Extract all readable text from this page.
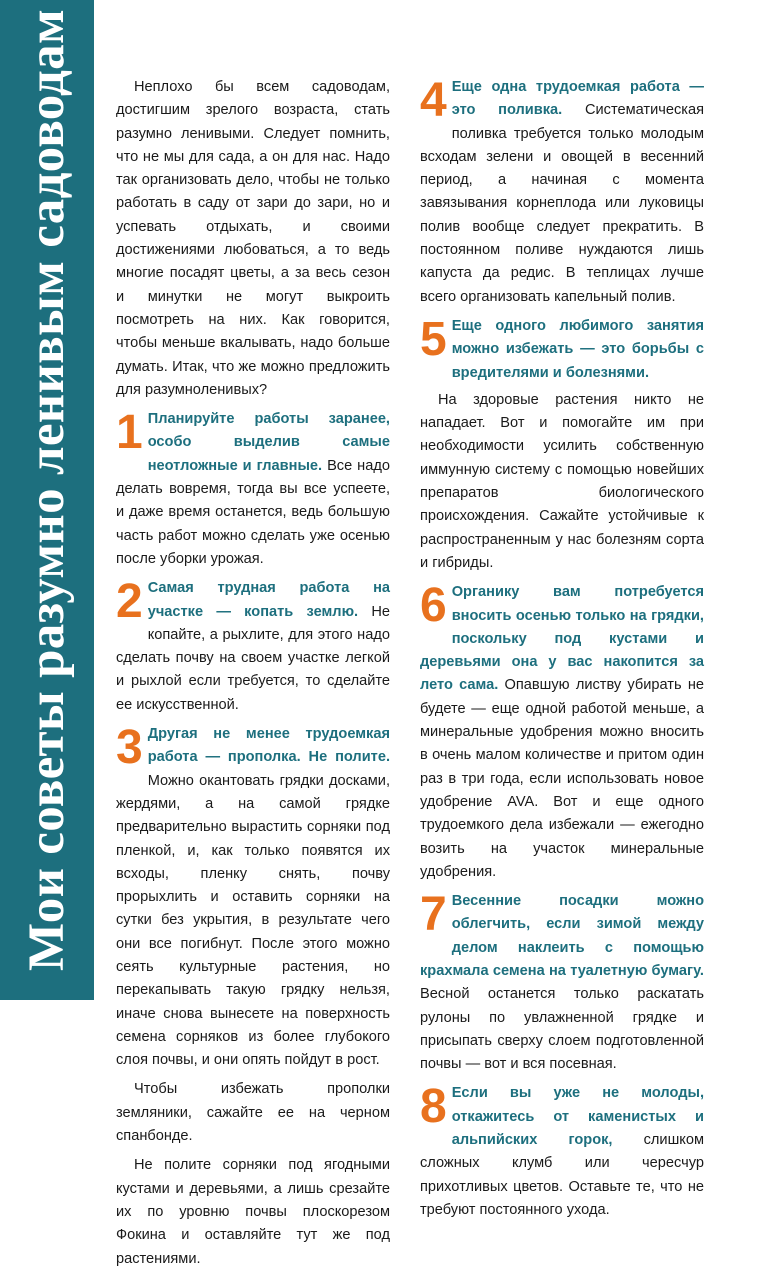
Мои советы разумно ленивым садоводам	Неплохо бы всем садоводам, достигшим зрелого возраста, стать разумно ленивыми. Следует помнить, что не мы для сада, а он для нас. Надо так организовать дело, чтобы не только работать в саду от зари до зари, но и успевать отдыхать, и своими достижениями любоваться, а то ведь многие посадят цветы, а за весь сезон и минутки не могут выкроить посмотреть на них. Как говорится, чтобы меньше вкалывать, надо больше думать. Итак, что же можно предложить для разумноленивых?

1 Планируйте работы заранее, особо выделив самые неотложные и главные. Все надо делать вовремя, тогда вы все успеете, и даже время останется, ведь большую часть работ можно сделать уже осенью после уборки урожая.

2 Самая трудная работа на участке — копать землю. Не копайте, а рыхлите, для этого надо сделать почву на своем участке легкой и рыхлой если требуется, то сделайте ее искусственной.

3 Другая не менее трудоемкая работа — прополка. Не полите. Можно окантовать грядки досками, жердями, а на самой грядке предварительно вырастить сорняки под пленкой, и, как только появятся их всходы, пленку снять, почву прорыхлить и оставить сорняки на сутки без укрытия, в результате чего они все погибнут. После этого можно сеять культурные растения, но перекапывать такую грядку нельзя, иначе снова вынесете на поверхность семена сорняков из более глубокого слоя почвы, и они опять пойдут в рост.

Чтобы избежать прополки земляники, сажайте ее на черном спанбонде.

Не полите сорняки под ягодными кустами и деревьями, а лишь срезайте их по уровню почвы плоскорезом Фокина и оставляйте тут же под растениями.

4 Еще одна трудоемкая работа — это поливка. Систематическая поливка требуется только молодым всходам зелени и овощей в весенний период, а начиная с момента завязывания корнеплода или луковицы полив вообще следует прекратить. В постоянном поливе нуждаются лишь капуста да редис. В теплицах лучше всего организовать капельный полив.

5 Еще одного любимого занятия можно избежать — это борьбы с вредителями и болезнями.

На здоровые растения никто не нападает. Вот и помогайте им при необходимости усилить собственную иммунную систему с помощью новейших препаратов биологического происхождения. Сажайте устойчивые к распространенным у нас болезням сорта и гибриды.

6 Органику вам потребуется вносить осенью только на грядки, поскольку под кустами и деревьями она у вас накопится за лето сама. Опавшую листву убирать не будете — еще одной работой меньше, а минеральные удобрения можно вносить в очень малом количестве и притом один раз в три года, если использовать новое удобрение AVA. Вот и еще одного трудоемкого дела избежали — ежегодно возить на участок минеральные удобрения.

7 Весенние посадки можно облегчить, если зимой между делом наклеить с помощью крахмала семена на туалетную бумагу. Весной останется только раскатать рулоны по увлажненной грядке и присыпать сверху слоем подготовленной почвы — вот и вся посевная.

8 Если вы уже не молоды, откажитесь от каменистых и альпийских горок, слишком сложных клумб или чересчур прихотливых цветов. Оставьте те, что не требуют постоянного ухода.
